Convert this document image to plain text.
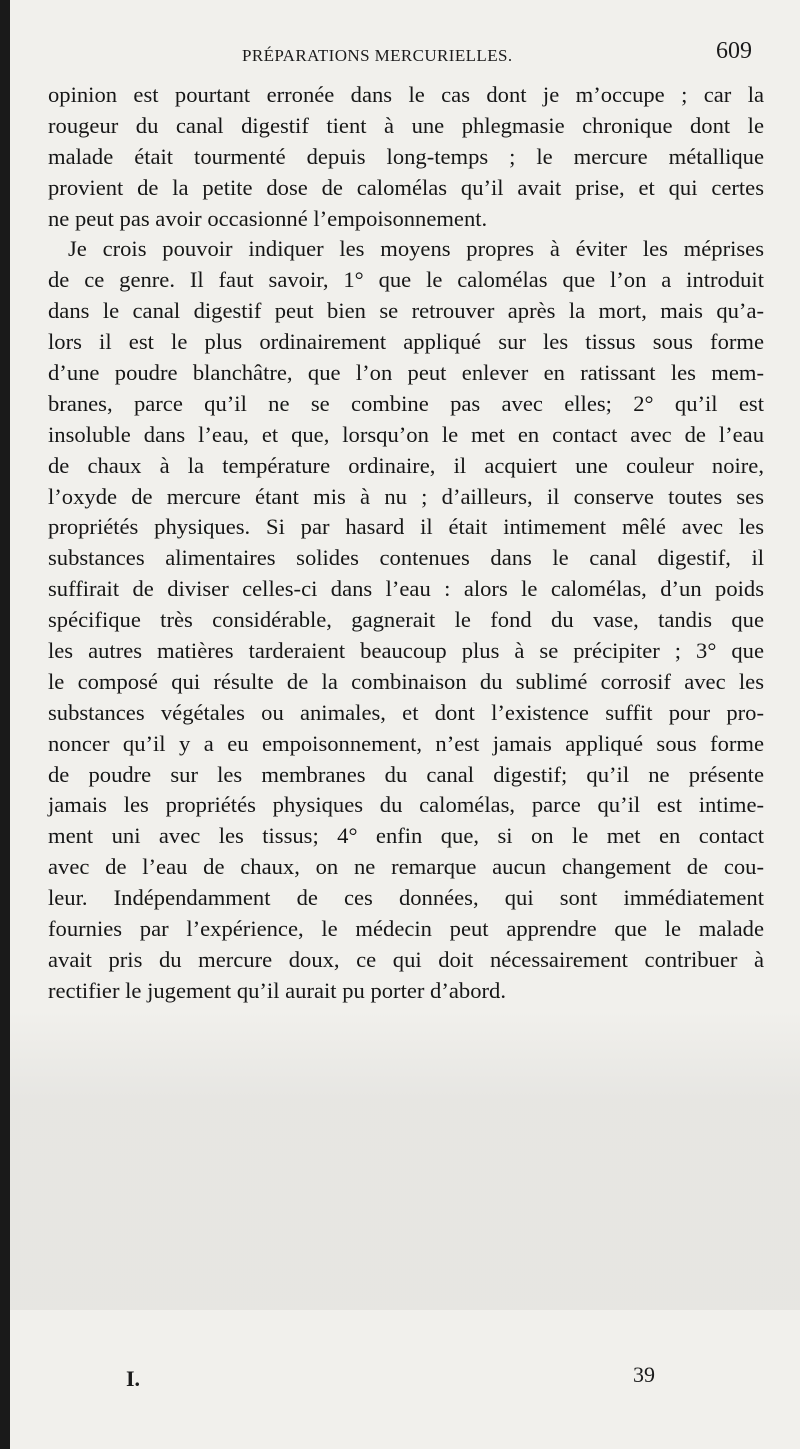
PRÉPARATIONS MERCURIELLES.	609
opinion est pourtant erronée dans le cas dont je m’occupe ; car la
rougeur du canal digestif tient à une phlegmasie chronique dont le
malade était tourmenté depuis long-temps ; le mercure métallique
provient de la petite dose de calomélas qu’il avait prise, et qui certes
ne peut pas avoir occasionné l’empoisonnement.
Je crois pouvoir indiquer les moyens propres à éviter les méprises
de ce genre. Il faut savoir, 1° que le calomélas que l’on a introduit
dans le canal digestif peut bien se retrouver après la mort, mais qu’a-
lors il est le plus ordinairement appliqué sur les tissus sous forme
d’une poudre blanchâtre, que l’on peut enlever en ratissant les mem-
branes, parce qu’il ne se combine pas avec elles; 2° qu’il est
insoluble dans l’eau, et que, lorsqu’on le met en contact avec de l’eau
de chaux à la température ordinaire, il acquiert une couleur noire,
l’oxyde de mercure étant mis à nu ; d’ailleurs, il conserve toutes ses
propriétés physiques. Si par hasard il était intimement mêlé avec les
substances alimentaires solides contenues dans le canal digestif, il
suffirait de diviser celles-ci dans l’eau : alors le calomélas, d’un poids
spécifique très considérable, gagnerait le fond du vase, tandis que
les autres matières tarderaient beaucoup plus à se précipiter ; 3° que
le composé qui résulte de la combinaison du sublimé corrosif avec les
substances végétales ou animales, et dont l’existence suffit pour pro-
noncer qu’il y a eu empoisonnement, n’est jamais appliqué sous forme
de poudre sur les membranes du canal digestif; qu’il ne présente
jamais les propriétés physiques du calomélas, parce qu’il est intime-
ment uni avec les tissus; 4° enfin que, si on le met en contact
avec de l’eau de chaux, on ne remarque aucun changement de cou-
leur. Indépendamment de ces données, qui sont immédiatement
fournies par l’expérience, le médecin peut apprendre que le malade
avait pris du mercure doux, ce qui doit nécessairement contribuer à
rectifier le jugement qu’il aurait pu porter d’abord.
I.	39
